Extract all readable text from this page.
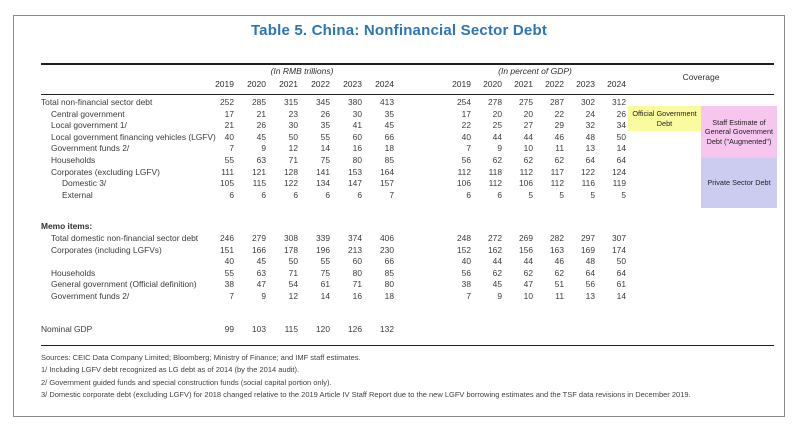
Table 5. China: Nonfinancial Sector Debt
(In RMB trillions)	(In percent of GDP)
Coverage
2019	2020	2021	2022	2023	2024	2019	2020	2021	2022	2023	2024
Total non-financial sector debt	252	285	315	345	380	413	254	278	275	287	302	312
Central government	17	21	23	26	30	35	17	20	20	22	24	26
Local government 1/	21	26	30	35	41	45	22	25	27	29	32	34
Local government financing vehicles (LGFV)	40	45	50	55	60	66	40	44	44	46	48	50
Government funds 2/	7	9	12	14	16	18	7	9	10	11	13	14
Households	55	63	71	75	80	85	56	62	62	62	64	64
Corporates (excluding LGFV)	111	121	128	141	153	164	112	118	112	117	122	124
Domestic 3/	105	115	122	134	147	157	106	112	106	112	116	119
External	6	6	6	6	6	7	6	6	5	5	5	5
Memo items:
Total domestic non-financial sector debt	246	279	308	339	374	406	248	272	269	282	297	307
Corporates (including LGFVs)	151	166	178	196	213	230	152	162	156	163	169	174
40	45	50	55	60	66	40	44	44	46	48	50
Households	55	63	71	75	80	85	56	62	62	62	64	64
General government (Official definition)	38	47	54	61	71	80	38	45	47	51	56	61
Government funds 2/	7	9	12	14	16	18	7	9	10	11	13	14
Nominal GDP	99	103	115	120	126	132
Official Government Debt	Staff Estimate of General Government Debt ("Augmented")
Private Sector Debt
Sources: CEIC Data Company Limited; Bloomberg; Ministry of Finance; and IMF staff estimates.
1/ Including LGFV debt recognized as LG debt as of 2014 (by the 2014 audit).
2/ Government guided funds and special construction funds (social capital portion only).
3/ Domestic corporate debt (excluding LGFV) for 2018 changed relative to the 2019 Article IV Staff Report due to the new LGFV borrowing estimates and the TSF data revisions in December 2019.
